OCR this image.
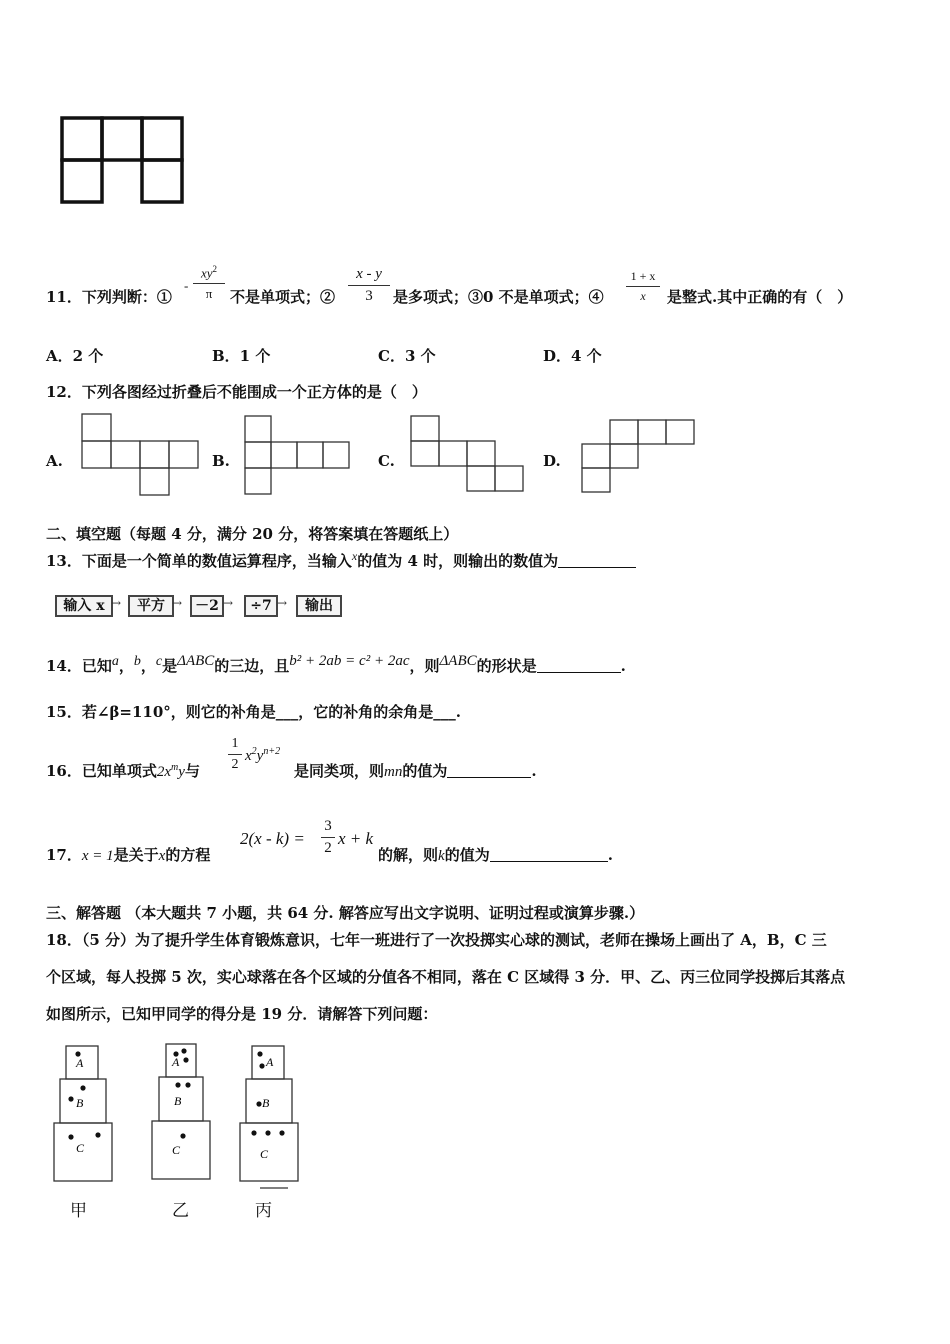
11．下列判断：①
-
$xy^2$
π	不是单项式；②
x - y
3	是多项式；③0 不是单项式；④
1 + x
x	是整式.其中正确的有（　）
A．2 个	B．1 个	C．3 个	D．4 个
12．下列各图经过折叠后不能围成一个正方体的是（　）
A.	B.	C.	D.
二、填空题（每题 4 分，满分 20 分，将答案填在答题纸上）
13．下面是一个简单的数值运算程序，当输入$^x$的值为 4 时，则输出的数值为
输入 x →	平方 → －2 →	÷7 →	输出
14．已知$^a$，$^b$，$^c$是$^{\Delta ABC}$的三边，且$^{b^2 + 2ab = c^2 + 2ac}$，则$^{\Delta ABC}$的形状是	.
15．若∠β=110°，则它的补角是___，它的补角的余角是___.
16．已知单项式$2x^my$与
1
2
$x^2y^{n+2}$
是同类项，则mn的值为	.
17．x = 1是关于x的方程
2(x - k) =
3
2 x + k
的解，则k的值为	.
三、解答题 （本大题共 7 小题，共 64 分. 解答应写出文字说明、证明过程或演算步骤.）
18．（5 分）为了提升学生体育锻炼意识，七年一班进行了一次投掷实心球的测试，老师在操场上画出了 A，B，C 三
个区域，每人投掷 5 次，实心球落在各个区域的分值各不相同，落在 C 区域得 3 分．甲、乙、丙三位同学投掷后其落点
如图所示，已知甲同学的得分是 19 分．请解答下列问题：
A
B
C
甲
A
B
C
乙
A
B
C
丙
